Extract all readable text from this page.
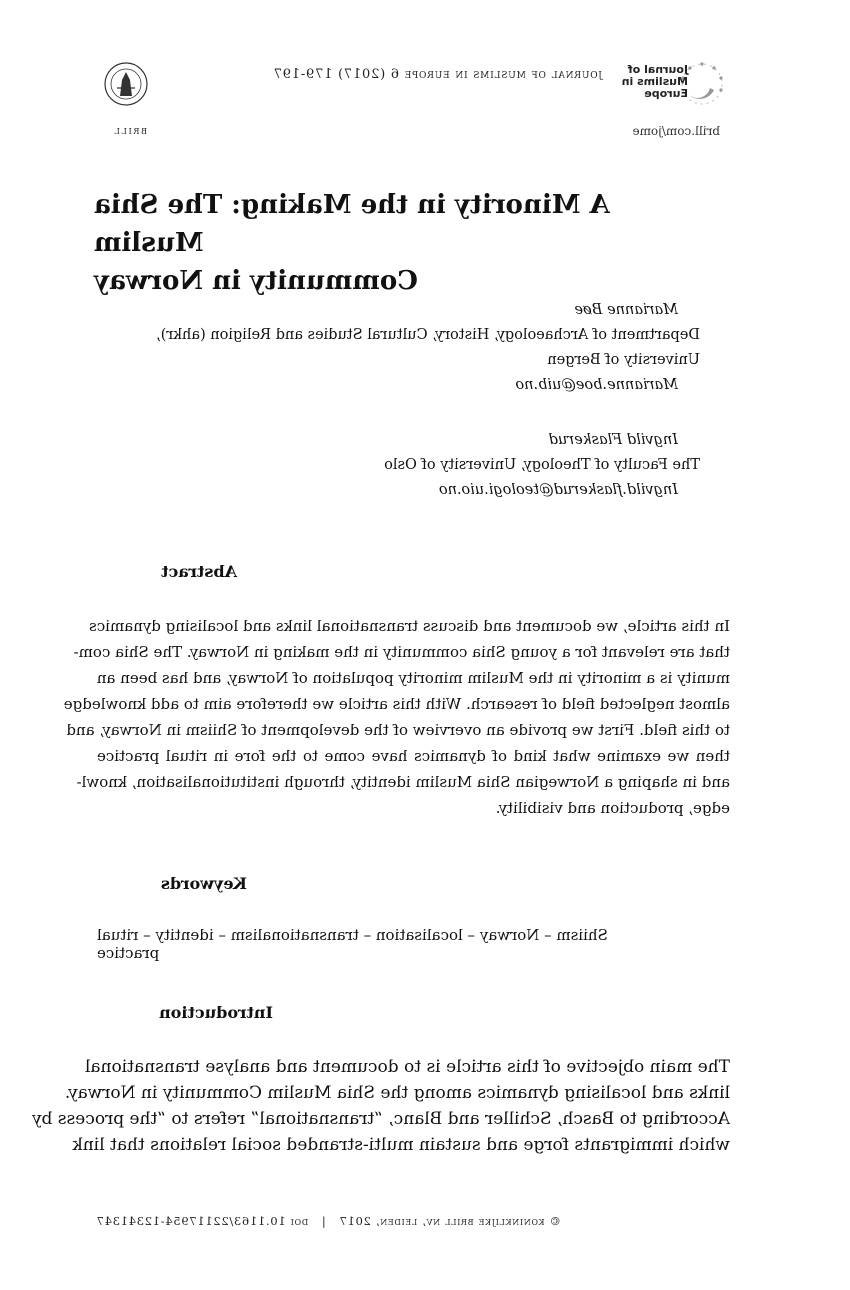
Journal of
Muslims in Europe
brill.com/jome
journal of muslims in europe 6 (2017) 179-197
brill
A Minority in the Making: The Shia Muslim
Community in Norway
Marianne Bøe
Department of Archaeology, History, Cultural Studies and Religion (ahkr),
University of Bergen
Marianne.boe@uib.no
Ingvild Flaskerud
The Faculty of Theology, University of Oslo
Ingvild.flaskerud@teologi.uio.no
Abstract
In this article, we document and discuss transnational links and localising dynamics
that are relevant for a young Shia community in the making in Norway. The Shia com-
munity is a minority in the Muslim minority population of Norway, and has been an
almost neglected field of research. With this article we therefore aim to add knowledge
to this field. First we provide an overview of the development of Shiism in Norway, and
then we examine what kind of dynamics have come to the fore in ritual practice
and in shaping a Norwegian Shia Muslim identity, through institutionalisation, knowl-
edge, production and visibility.
Keywords
Shiism – Norway – localisation – transnationalism – identity – ritual practice
Introduction
The main objective of this article is to document and analyse transnational
links and localising dynamics among the Shia Muslim Community in Norway.
According to Basch, Schiller and Blanc, “transnational” refers to “the process by
which immigrants forge and sustain multi-stranded social relations that link
© koninklijke brill nv, leiden, 2017   |   doi 10.1163/22117954-12341347
